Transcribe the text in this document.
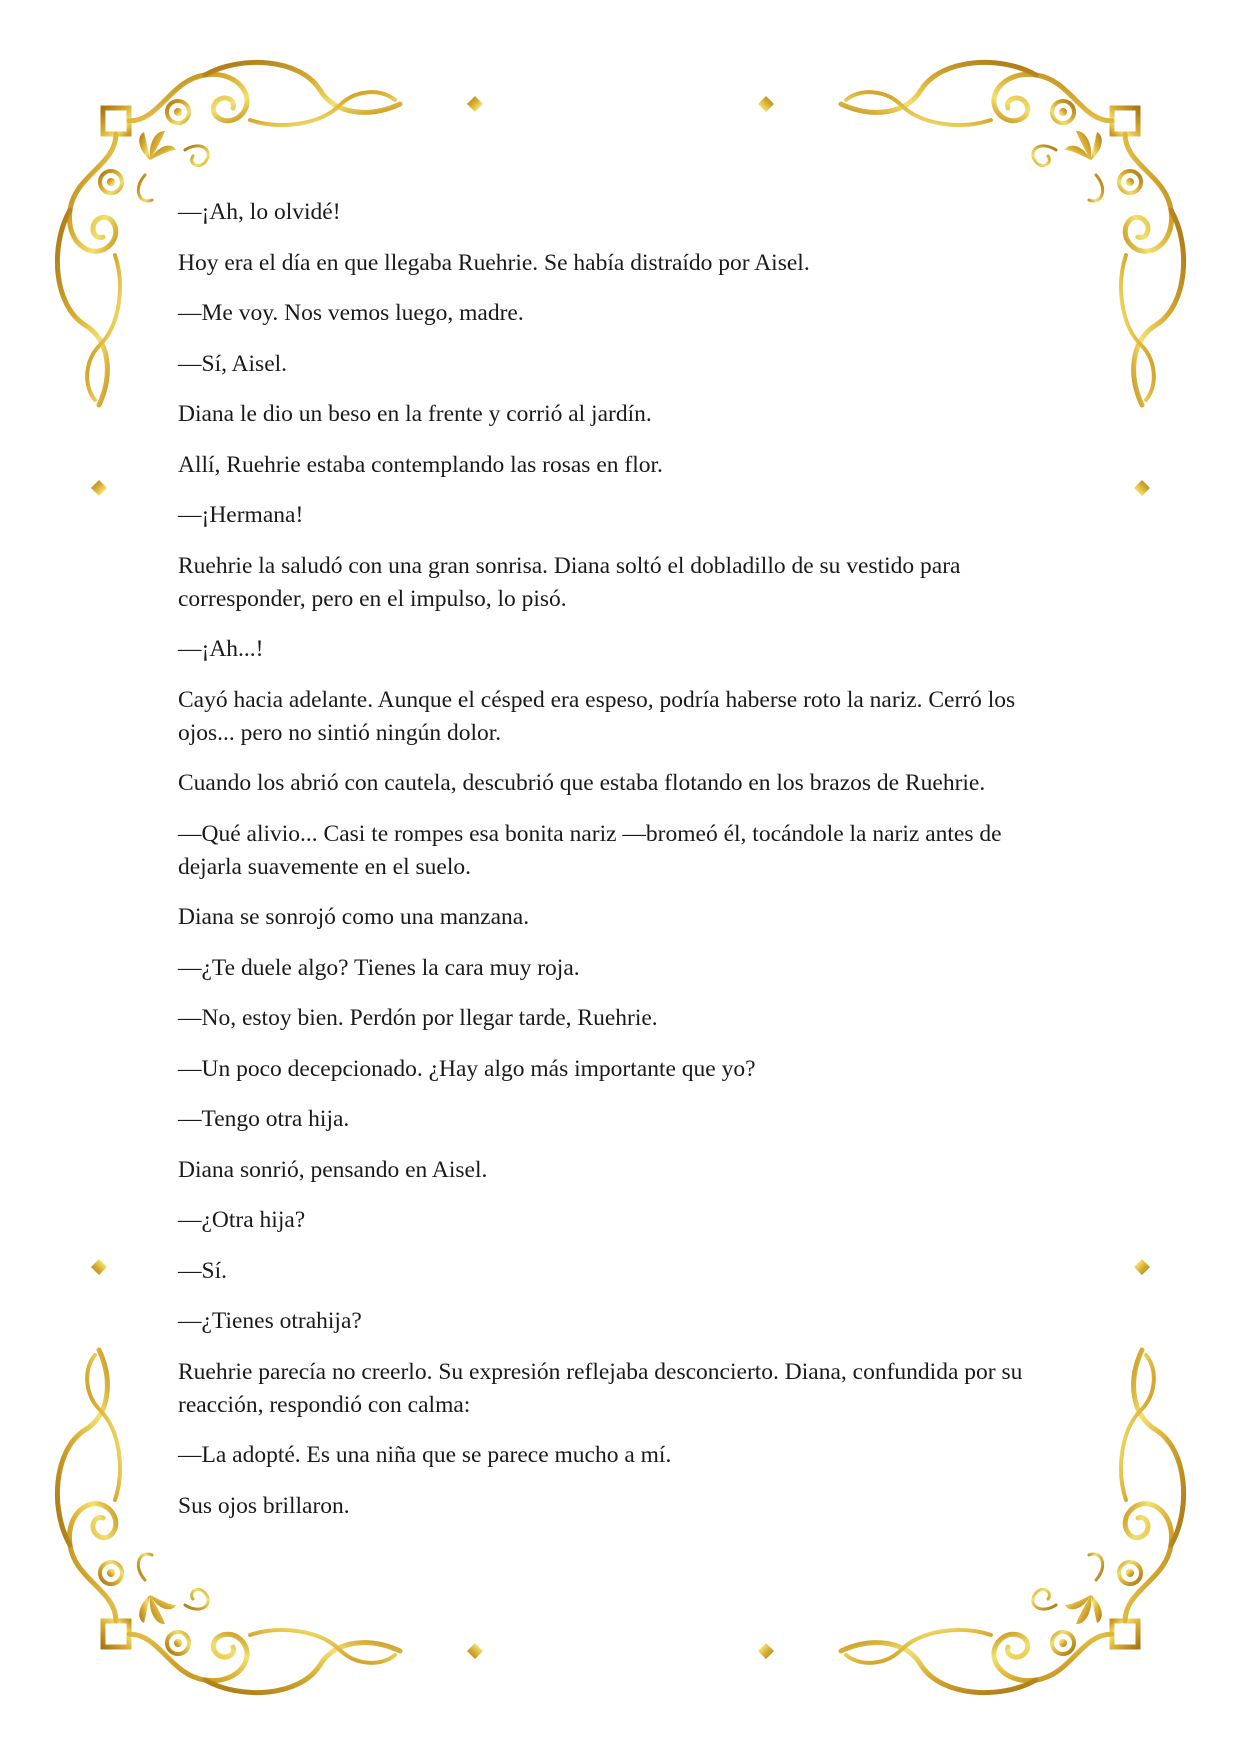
—¡Ah, lo olvidé!

Hoy era el día en que llegaba Ruehrie. Se había distraído por Aisel.

—Me voy. Nos vemos luego, madre.

—Sí, Aisel.

Diana le dio un beso en la frente y corrió al jardín.

Allí, Ruehrie estaba contemplando las rosas en flor.

—¡Hermana!

Ruehrie la saludó con una gran sonrisa. Diana soltó el dobladillo de su vestido para corresponder, pero en el impulso, lo pisó.

—¡Ah...!

Cayó hacia adelante. Aunque el césped era espeso, podría haberse roto la nariz. Cerró los ojos... pero no sintió ningún dolor.

Cuando los abrió con cautela, descubrió que estaba flotando en los brazos de Ruehrie.

—Qué alivio... Casi te rompes esa bonita nariz —bromeó él, tocándole la nariz antes de dejarla suavemente en el suelo.

Diana se sonrojó como una manzana.

—¿Te duele algo? Tienes la cara muy roja.

—No, estoy bien. Perdón por llegar tarde, Ruehrie.

—Un poco decepcionado. ¿Hay algo más importante que yo?

—Tengo otra hija.

Diana sonrió, pensando en Aisel.

—¿Otra hija?

—Sí.

—¿Tienes otrahija?

Ruehrie parecía no creerlo. Su expresión reflejaba desconcierto. Diana, confundida por su reacción, respondió con calma:

—La adopté. Es una niña que se parece mucho a mí.

Sus ojos brillaron.
